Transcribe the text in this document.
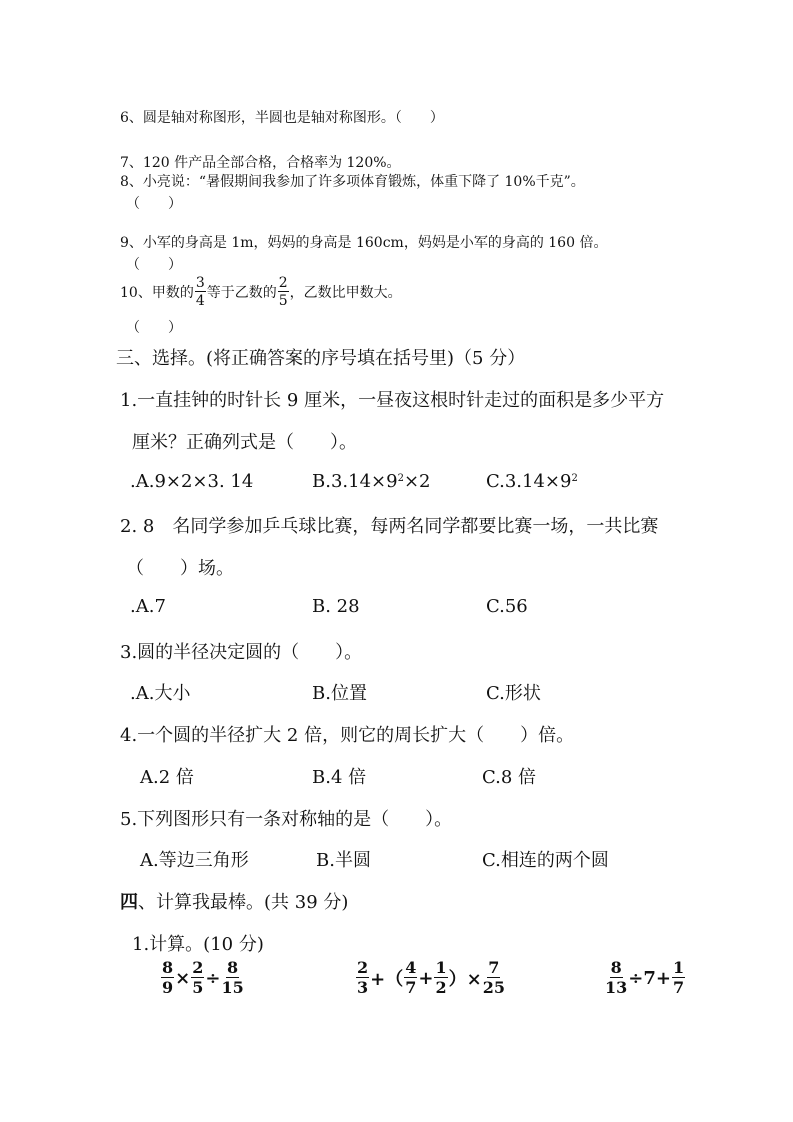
6、圆是轴对称图形，半圆也是轴对称图形。（　　）
7、120 件产品全部合格，合格率为 120%。
8、小亮说：“暑假期间我参加了许多项体育锻炼，体重下降了 10%千克”。
（　　）
9、小军的身高是 1m，妈妈的身高是 160cm，妈妈是小军的身高的 160 倍。
（　　）
10、甲数的 $\frac{3}{4}$ 等于乙数的 $\frac{2}{5}$ ，乙数比甲数大。
（　　）
三、选择。(将正确答案的序号填在括号里)（5 分）
1.一直挂钟的时针长 9 厘米，一昼夜这根时针走过的面积是多少平方
厘米？正确列式是（　　）。
.A.9×2×3. 14	$B.3.14\times 9^2\times 2$	$C.3.14\times 9^2$
2. 8　名同学参加乒乓球比赛，每两名同学都要比赛一场，一共比赛
（　　）场。
.A.7	B. 28	C.56
3.圆的半径决定圆的（　　）。
.A.大小	B.位置	C.形状
4.一个圆的半径扩大 2 倍，则它的周长扩大（　　）倍。
A.2 倍	B.4 倍	C.8 倍
5.下列图形只有一条对称轴的是（　　）。
A.等边三角形	B.半圆	C.相连的两个圆
四、计算我最棒。(共 39 分)
1.计算。(10 分)
$\frac{8}{9} \times \frac{2}{5} \div \frac{8}{15}$	$\frac{2}{3}$ +（ $\frac{4}{7} + \frac{1}{2}$ ）× $\frac{7}{25}$	$\frac{8}{13} \div 7+ \frac{1}{7}$
